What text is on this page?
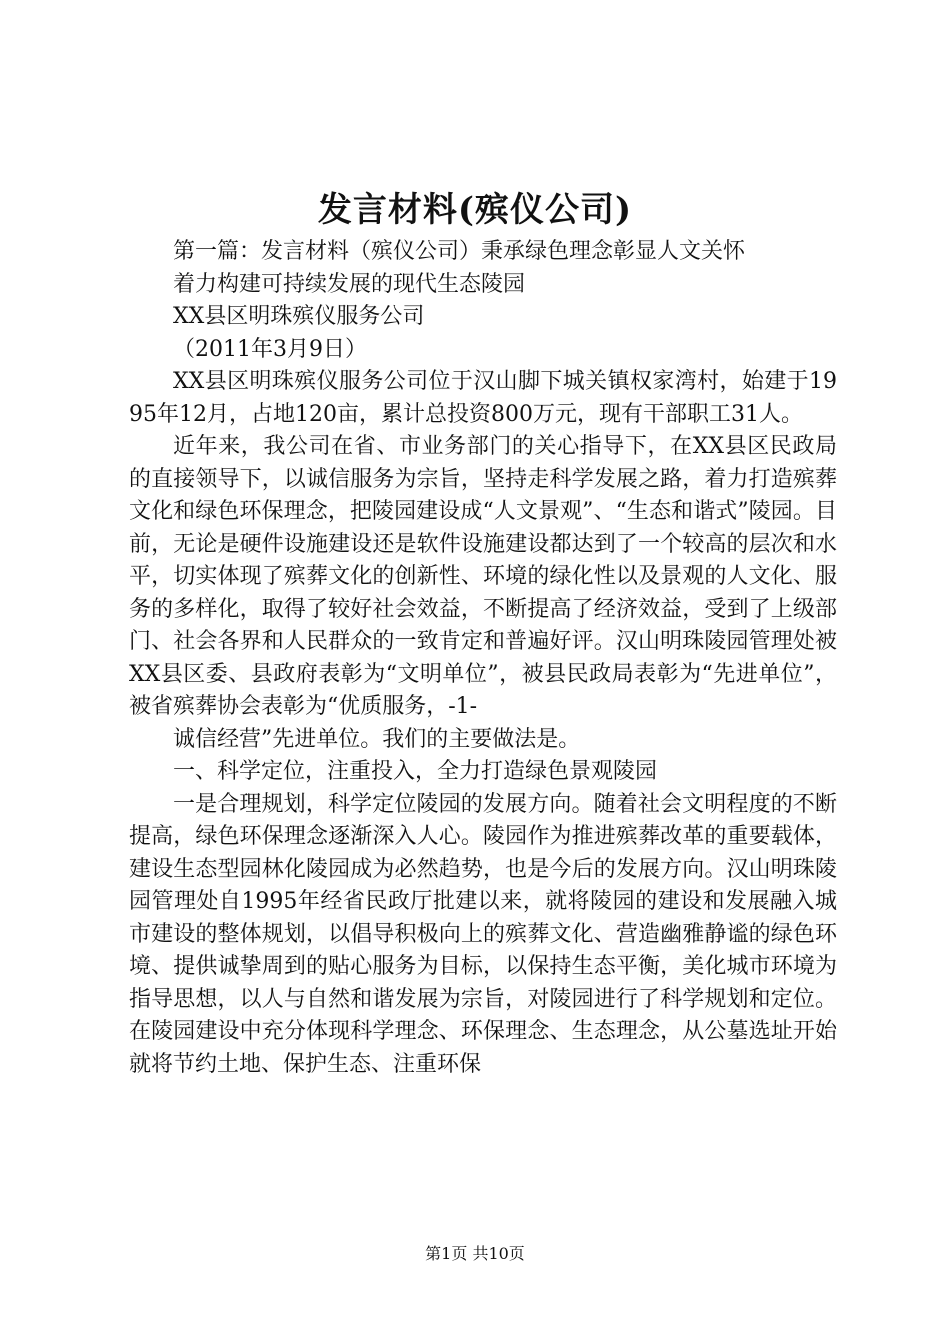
发言材料(殡仪公司)

第一篇：发言材料（殡仪公司）秉承绿色理念彰显人文关怀

着力构建可持续发展的现代生态陵园

XX县区明珠殡仪服务公司

（2011年3月9日）

XX县区明珠殡仪服务公司位于汉山脚下城关镇权家湾村，始建于1995年12月，占地120亩，累计总投资800万元，现有干部职工31人。

近年来，我公司在省、市业务部门的关心指导下，在XX县区民政局的直接领导下，以诚信服务为宗旨，坚持走科学发展之路，着力打造殡葬文化和绿色环保理念，把陵园建设成“人文景观”、“生态和谐式”陵园。目前，无论是硬件设施建设还是软件设施建设都达到了一个较高的层次和水平，切实体现了殡葬文化的创新性、环境的绿化性以及景观的人文化、服务的多样化，取得了较好社会效益，不断提高了经济效益，受到了上级部门、社会各界和人民群众的一致肯定和普遍好评。汉山明珠陵园管理处被XX县区委、县政府表彰为“文明单位”，被县民政局表彰为“先进单位”，被省殡葬协会表彰为“优质服务，-1-

诚信经营”先进单位。我们的主要做法是。

一、科学定位，注重投入，全力打造绿色景观陵园

一是合理规划，科学定位陵园的发展方向。随着社会文明程度的不断提高，绿色环保理念逐渐深入人心。陵园作为推进殡葬改革的重要载体，建设生态型园林化陵园成为必然趋势，也是今后的发展方向。汉山明珠陵园管理处自1995年经省民政厅批建以来，就将陵园的建设和发展融入城市建设的整体规划，以倡导积极向上的殡葬文化、营造幽雅静谧的绿色环境、提供诚挚周到的贴心服务为目标，以保持生态平衡，美化城市环境为指导思想，以人与自然和谐发展为宗旨，对陵园进行了科学规划和定位。在陵园建设中充分体现科学理念、环保理念、生态理念，从公墓选址开始就将节约土地、保护生态、注重环保

第1页 共10页
